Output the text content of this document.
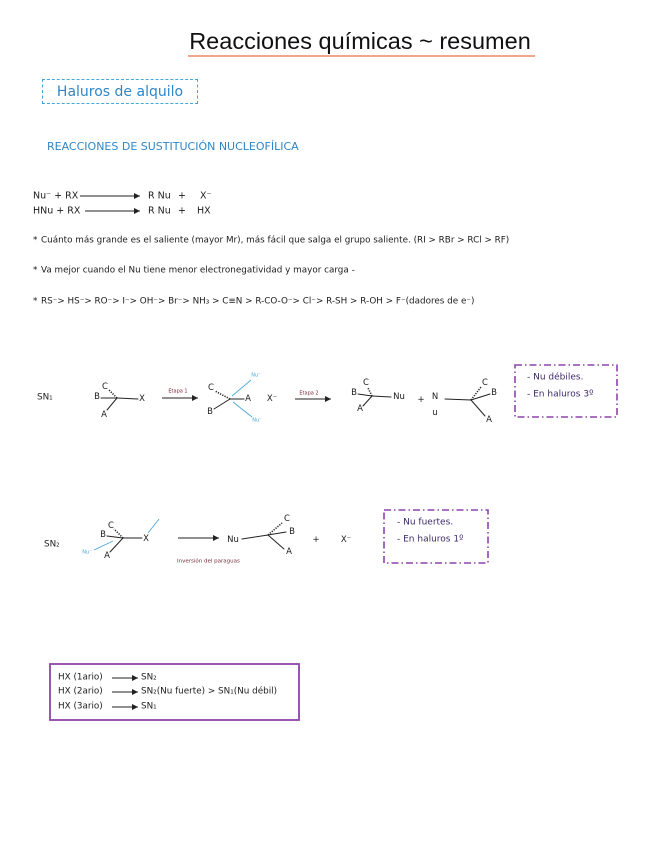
Reacciones químicas ~ resumen
Haluros de alquilo
REACCIONES DE SUSTITUCIÓN NUCLEOFÍLICA
Nu⁻ + RX	R Nu + X⁻
HNu + RX	R Nu + HX
* Cuánto más grande es el saliente (mayor Mr), más fácil que salga el grupo saliente. (RI > RBr > RCl > RF)
* Va mejor cuando el Nu tiene menor electronegatividad y mayor carga -
* RS⁻> HS⁻> RO⁻> I⁻> OH⁻> Br⁻> NH₃ > C≡N > R-CO-O⁻> Cl⁻> R-SH > R-OH > F⁻(dadores de e⁻)
SN₁
C
B
A
X
Etapa 1 C
B
A
Nu⁻
Nu⁻
X⁻
Etapa 2
C
B
A
Nu + N
u
C
B
A
- Nu débiles.
- En haluros 3º
SN₂
C
B
A
X
Nu⁻
Inversión del paraguas
Nu
C
B
A
+	X⁻
- Nu fuertes.
- En haluros 1º
HX (1ario)	SN₂
HX (2ario)	SN₂(Nu fuerte) > SN₁(Nu débil)
HX (3ario)	SN₁
